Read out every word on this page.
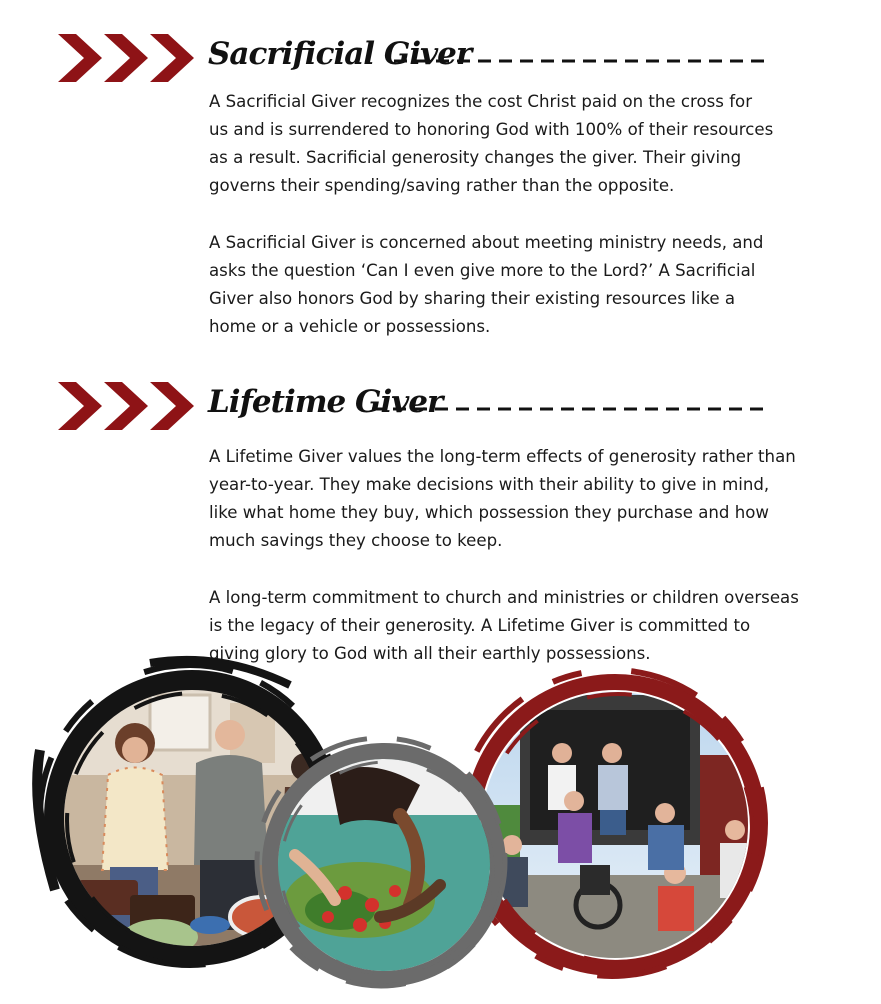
Sacrificial Giver

A Sacrificial Giver recognizes the cost Christ paid on the cross for us and is surrendered to honoring God with 100% of their resources as a result. Sacrificial generosity changes the giver. Their giving governs their spending/saving rather than the opposite.

A Sacrificial Giver is concerned about meeting ministry needs, and asks the question ‘Can I even give more to the Lord?’ A Sacrificial Giver also honors God by sharing their existing resources like a home or a vehicle or possessions.

Lifetime Giver

A Lifetime Giver values the long-term effects of generosity rather than year-to-year. They make decisions with their ability to give in mind, like what home they buy, which possession they purchase and how much savings they choose to keep.

A long-term commitment to church and ministries or children overseas is the legacy of their generosity. A Lifetime Giver is committed to giving glory to God with all their earthly possessions.
